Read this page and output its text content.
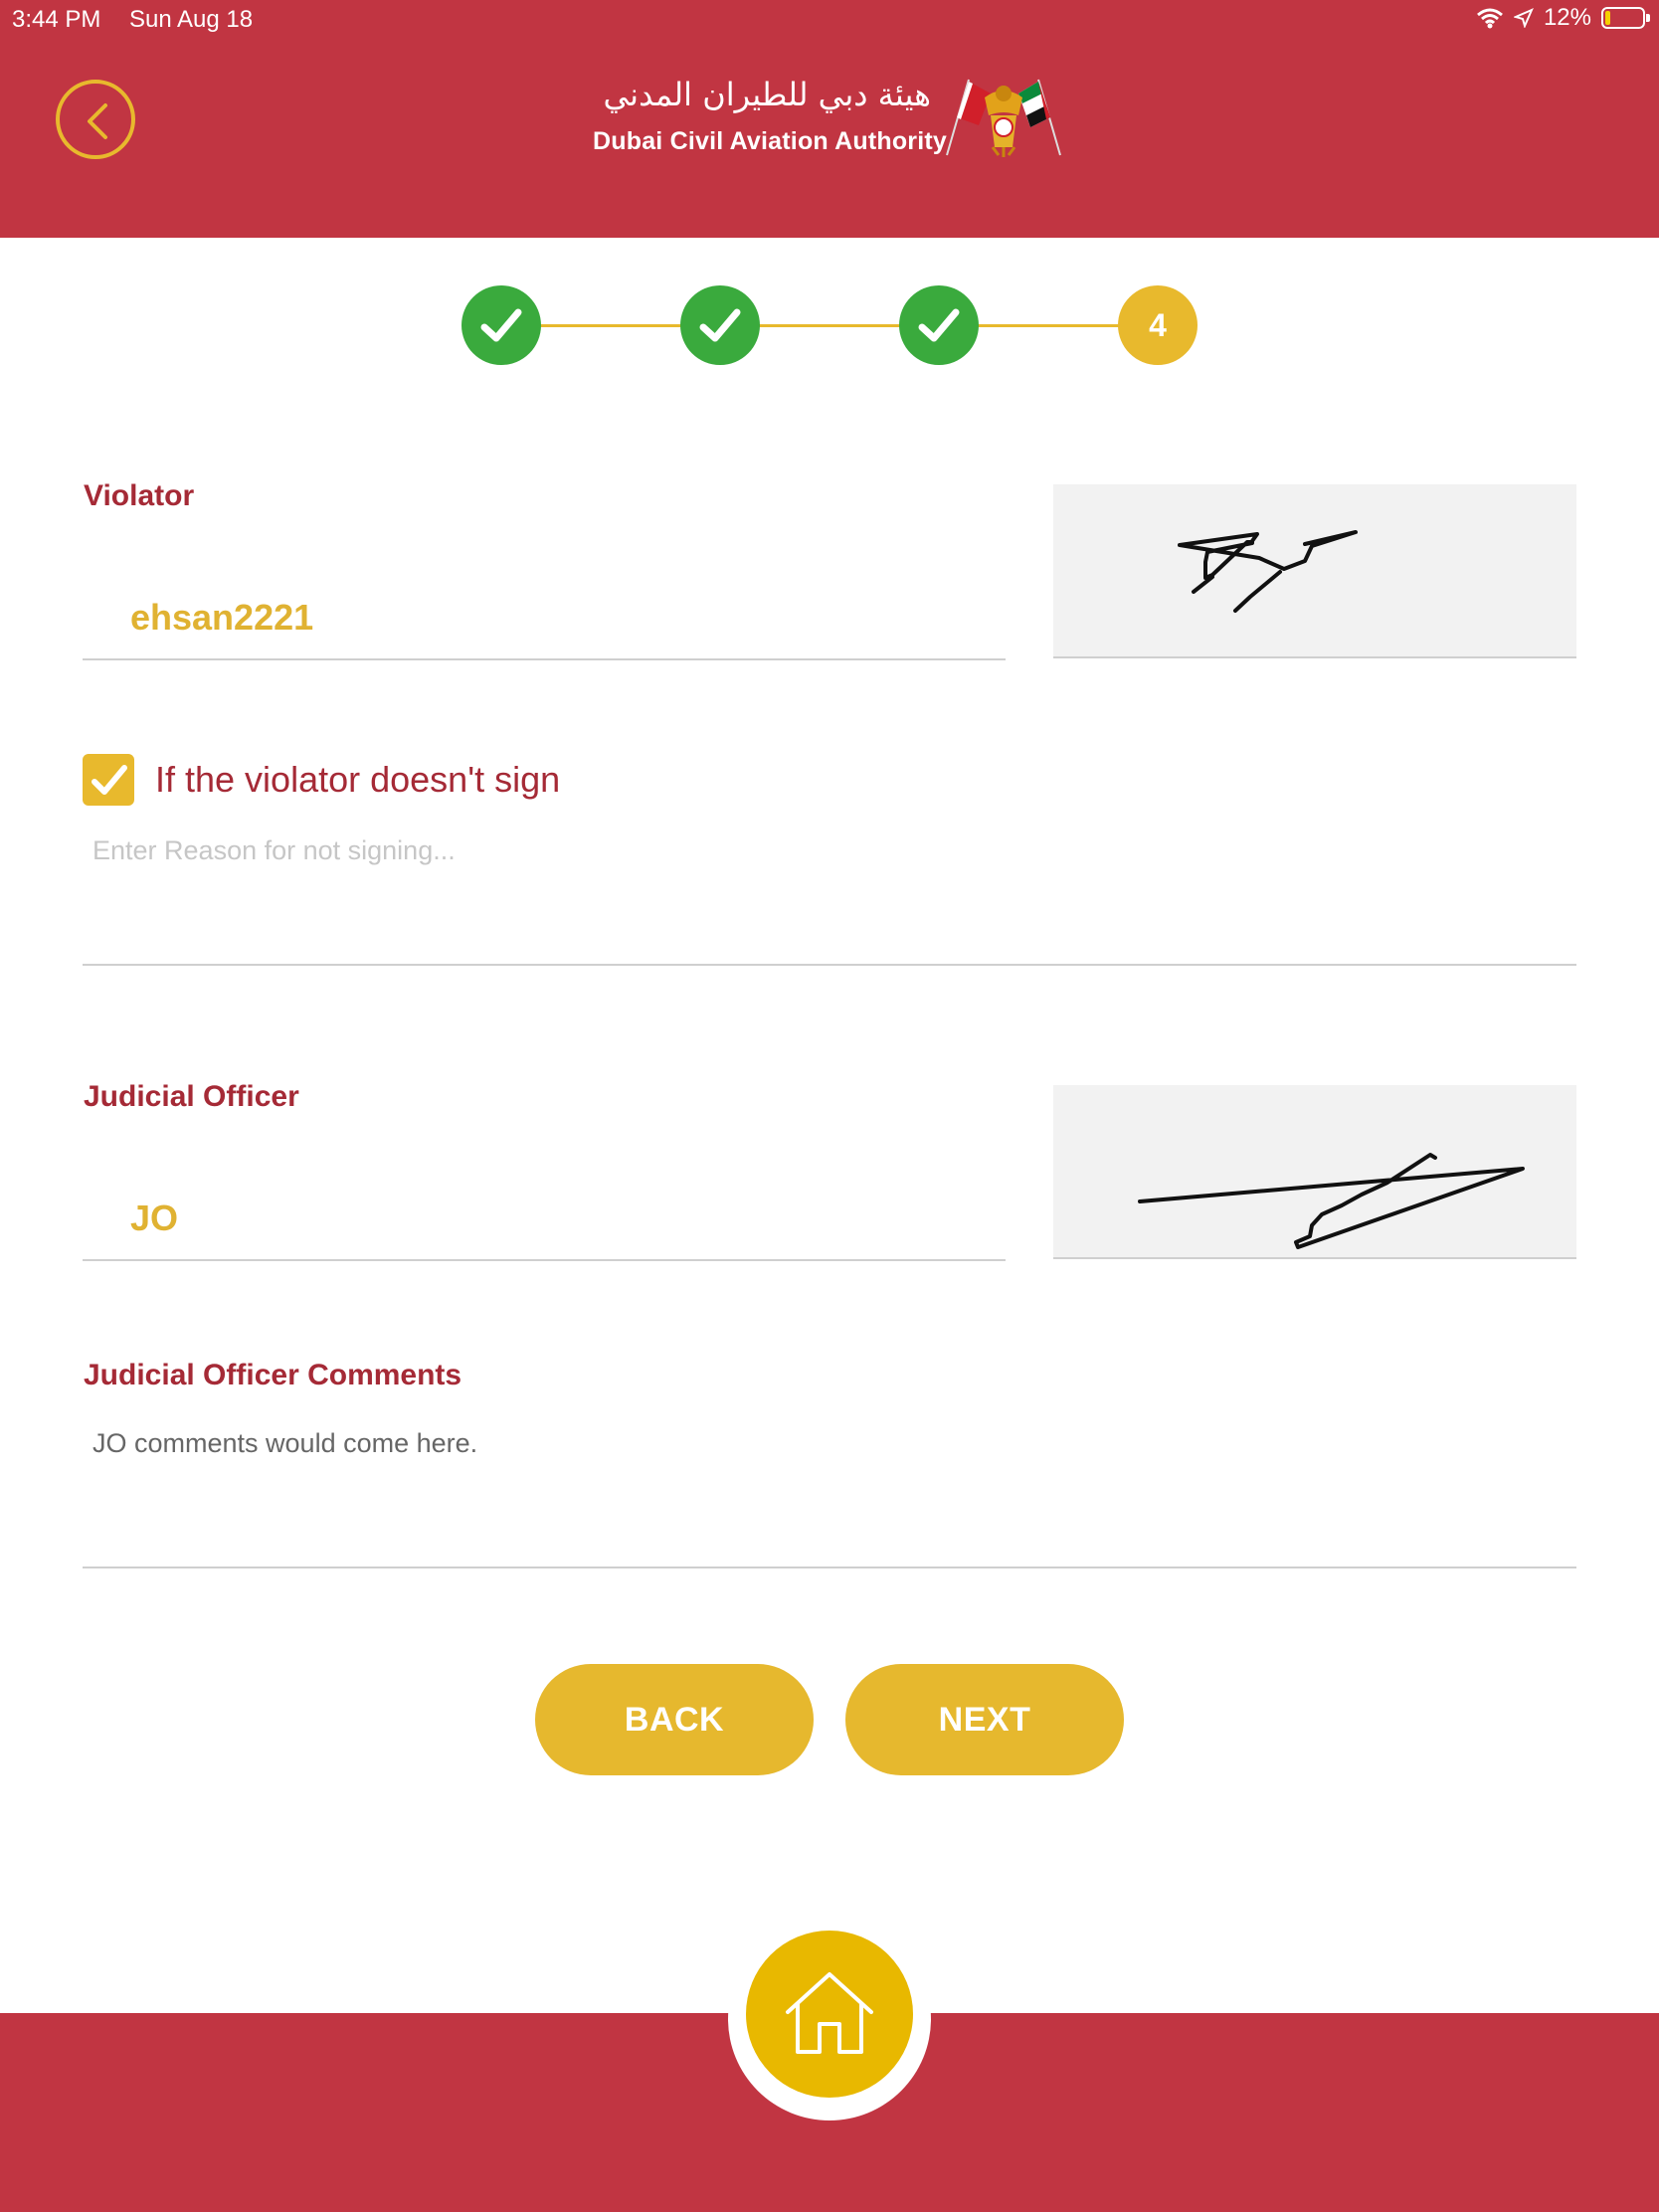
3:44 PM Sun Aug 18	12%
هيئة دبي للطيران المدني
Dubai Civil Aviation Authority
4
Violator
ehsan2221
If the violator doesn't sign
Enter Reason for not signing...
Judicial Officer
JO
Judicial Officer Comments
JO comments would come here.
BACK	NEXT
